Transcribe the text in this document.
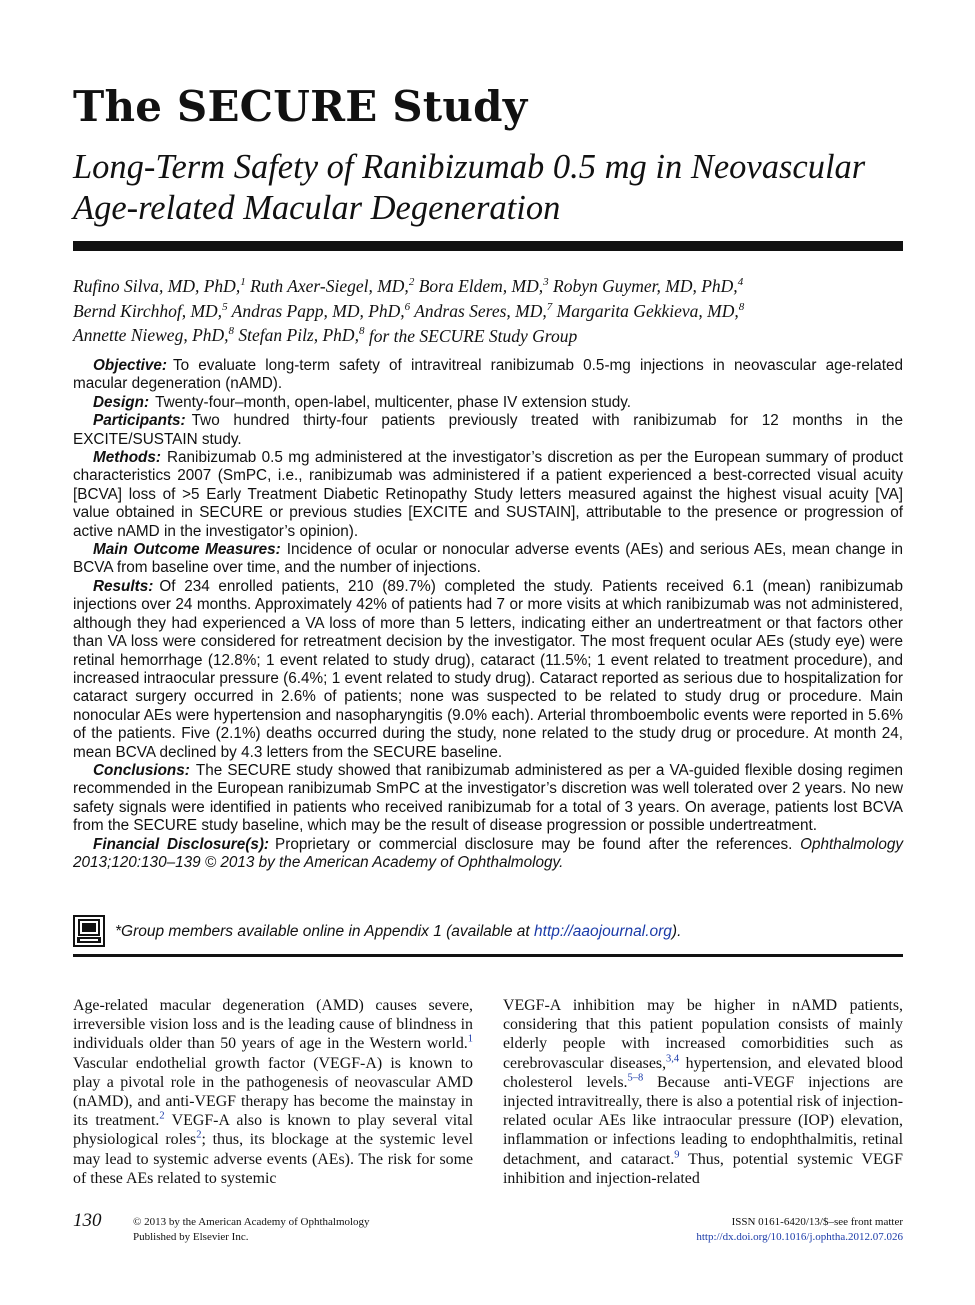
The SECURE Study
Long-Term Safety of Ranibizumab 0.5 mg in Neovascular Age-related Macular Degeneration
Rufino Silva, MD, PhD,$^1$ Ruth Axer-Siegel, MD,$^2$ Bora Eldem, MD,$^3$ Robyn Guymer, MD, PhD,$^4$
Bernd Kirchhof, MD,$^5$ Andras Papp, MD, PhD,$^6$ Andras Seres, MD,$^7$ Margarita Gekkieva, MD,$^8$
Annette Nieweg, PhD,$^8$ Stefan Pilz, PhD,$^8$ for the SECURE Study Group

Objective: To evaluate long-term safety of intravitreal ranibizumab 0.5-mg injections in neovascular age-related macular degeneration (nAMD).

Design: Twenty-four–month, open-label, multicenter, phase IV extension study.

Participants: Two hundred thirty-four patients previously treated with ranibizumab for 12 months in the EXCITE/SUSTAIN study.

Methods: Ranibizumab 0.5 mg administered at the investigator’s discretion as per the European summary of product characteristics 2007 (SmPC, i.e., ranibizumab was administered if a patient experienced a best-corrected visual acuity [BCVA] loss of >5 Early Treatment Diabetic Retinopathy Study letters measured against the highest visual acuity [VA] value obtained in SECURE or previous studies [EXCITE and SUSTAIN], attributable to the presence or progression of active nAMD in the investigator’s opinion).

Main Outcome Measures: Incidence of ocular or nonocular adverse events (AEs) and serious AEs, mean change in BCVA from baseline over time, and the number of injections.

Results: Of 234 enrolled patients, 210 (89.7%) completed the study. Patients received 6.1 (mean) ranibizumab injections over 24 months. Approximately 42% of patients had 7 or more visits at which ranibizumab was not administered, although they had experienced a VA loss of more than 5 letters, indicating either an undertreatment or that factors other than VA loss were considered for retreatment decision by the investigator. The most frequent ocular AEs (study eye) were retinal hemorrhage (12.8%; 1 event related to study drug), cataract (11.5%; 1 event related to treatment procedure), and increased intraocular pressure (6.4%; 1 event related to study drug). Cataract reported as serious due to hospitalization for cataract surgery occurred in 2.6% of patients; none was suspected to be related to study drug or procedure. Main nonocular AEs were hypertension and nasopharyngitis (9.0% each). Arterial thromboembolic events were reported in 5.6% of the patients. Five (2.1%) deaths occurred during the study, none related to the study drug or procedure. At month 24, mean BCVA declined by 4.3 letters from the SECURE baseline.

Conclusions: The SECURE study showed that ranibizumab administered as per a VA-guided flexible dosing regimen recommended in the European ranibizumab SmPC at the investigator’s discretion was well tolerated over 2 years. No new safety signals were identified in patients who received ranibizumab for a total of 3 years. On average, patients lost BCVA from the SECURE study baseline, which may be the result of disease progression or possible undertreatment.

Financial Disclosure(s): Proprietary or commercial disclosure may be found after the references. Ophthalmology 2013;120:130–139 © 2013 by the American Academy of Ophthalmology.

*Group members available online in Appendix 1 (available at http://aaojournal.org).

Age-related macular degeneration (AMD) causes severe, irreversible vision loss and is the leading cause of blindness in individuals older than 50 years of age in the Western world.$^1$ Vascular endothelial growth factor (VEGF-A) is known to play a pivotal role in the pathogenesis of neovascular AMD (nAMD), and anti-VEGF therapy has become the mainstay in its treatment.$^2$ VEGF-A also is known to play several vital physiological roles$^2$; thus, its blockage at the systemic level may lead to systemic adverse events (AEs). The risk for some of these AEs related to systemic

VEGF-A inhibition may be higher in nAMD patients, considering that this patient population consists of mainly elderly people with increased comorbidities such as cerebrovascular diseases,$^{3,4}$ hypertension, and elevated blood cholesterol levels.$^{5-8}$ Because anti-VEGF injections are injected intravitreally, there is also a potential risk of injection-related ocular AEs like intraocular pressure (IOP) elevation, inflammation or infections leading to endophthalmitis, retinal detachment, and cataract.$^9$ Thus, potential systemic VEGF inhibition and injection-related

130	© 2013 by the American Academy of Ophthalmology
Published by Elsevier Inc.
ISSN 0161-6420/13/$–see front matter
http://dx.doi.org/10.1016/j.ophtha.2012.07.026
